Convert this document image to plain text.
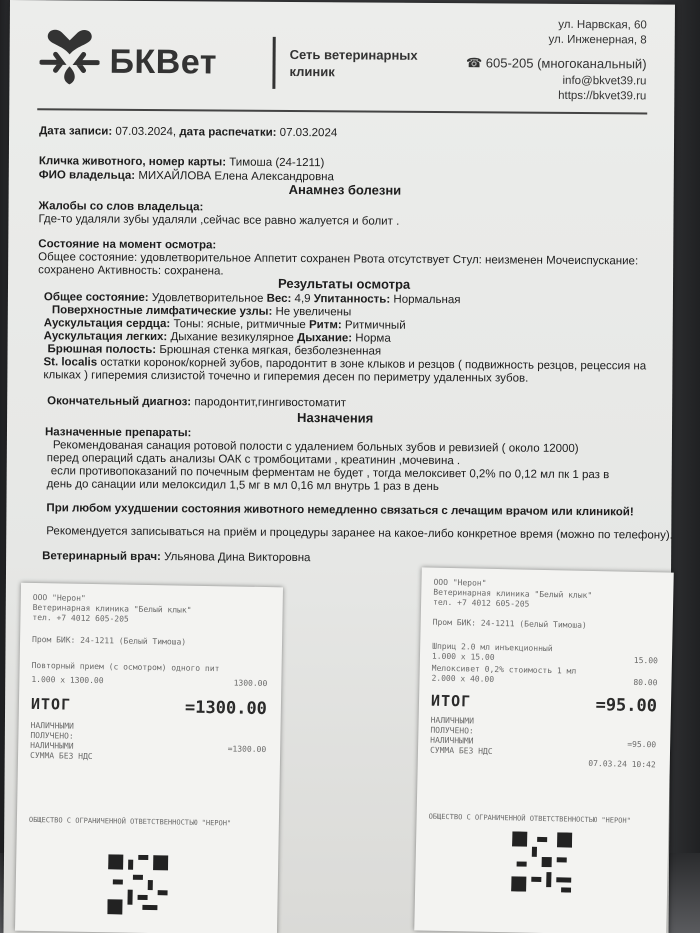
БКВет	Сеть ветеринарных
клиник
ул. Нарвская, 60
ул. Инженерная, 8
☎ 605-205 (многоканальный)
info@bkvet39.ru
https://bkvet39.ru
Дата записи: 07.03.2024, дата распечатки: 07.03.2024
Кличка животного, номер карты: Тимоша (24-1211)
ФИО владельца: МИХАЙЛОВА Елена Александровна
Анамнез болезни
Жалобы со слов владельца:
Где-то удаляли зубы удаляли ,сейчас все равно жалуется и болит .
Состояние на момент осмотра:
Общее состояние: удовлетворительное Аппетит сохранен Рвота отсутствует Стул: неизменен Мочеиспускание:
сохранено Активность: сохранена.
Результаты осмотра
Общее состояние: Удовлетворительное Вес: 4,9 Упитанность: Нормальная
Поверхностные лимфатические узлы: Не увеличены
Аускультация сердца: Тоны: ясные, ритмичные Ритм: Ритмичный
Аускультация легких: Дыхание везикулярное Дыхание: Норма
Брюшная полость: Брюшная стенка мягкая, безболезненная
St. localis остатки коронок/корней зубов, пародонтит в зоне клыков и резцов ( подвижность резцов, рецессия на
клыках ) гиперемия слизистой точечно и гиперемия десен по периметру удаленных зубов.
Окончательный диагноз: пародонтит,гингивостоматит
Назначения
Назначенные препараты:
Рекомендованая санация ротовой полости с удалением больных зубов и ревизией ( около 12000)
перед операций сдать анализы ОАК с тромбоцитами , креатинин ,мочевина .
если противопоказаний по почечным ферментам не будет , тогда мелоксивет 0,2% по 0,12 мл пк 1 раз в
день до санации или мелоксидил 1,5 мг в мл 0,16 мл внутрь 1 раз в день
При любом ухудшении состояния животного немедленно связаться с лечащим врачом или клиникой!
Рекомендуется записываться на приём и процедуры заранее на какое-либо конкретное время (можно по телефону).
Ветеринарный врач: Ульянова Дина Викторовна
ООО "Нерон"
Ветеринарная клиника "Белый клык"
тел. +7 4012 605-205
Пром БИК: 24-1211 (Белый Тимоша)
Повторный прием (с осмотром) одного пит
1.000 х 1300.00	1300.00
ИТОГ	=1300.00
НАЛИЧНЫМИ
ПОЛУЧЕНО:
НАЛИЧНЫМИ	=1300.00
СУММА БЕЗ НДС
ОБЩЕСТВО С ОГРАНИЧЕННОЙ ОТВЕТСТВЕННОСТЬЮ "НЕРОН"
ООО "Нерон"
Ветеринарная клиника "Белый клык"
тел. +7 4012 605-205
Пром БИК: 24-1211 (Белый Тимоша)
Шприц 2.0 мл инъекционный
1.000 х 15.00	15.00
Мелоксивет 0,2% стоимость 1 мл
2.000 х 40.00	80.00
ИТОГ	=95.00
НАЛИЧНЫМИ
ПОЛУЧЕНО:
НАЛИЧНЫМИ	=95.00
СУММА БЕЗ НДС
07.03.24 10:42
ОБЩЕСТВО С ОГРАНИЧЕННОЙ ОТВЕТСТВЕННОСТЬЮ "НЕРОН"
